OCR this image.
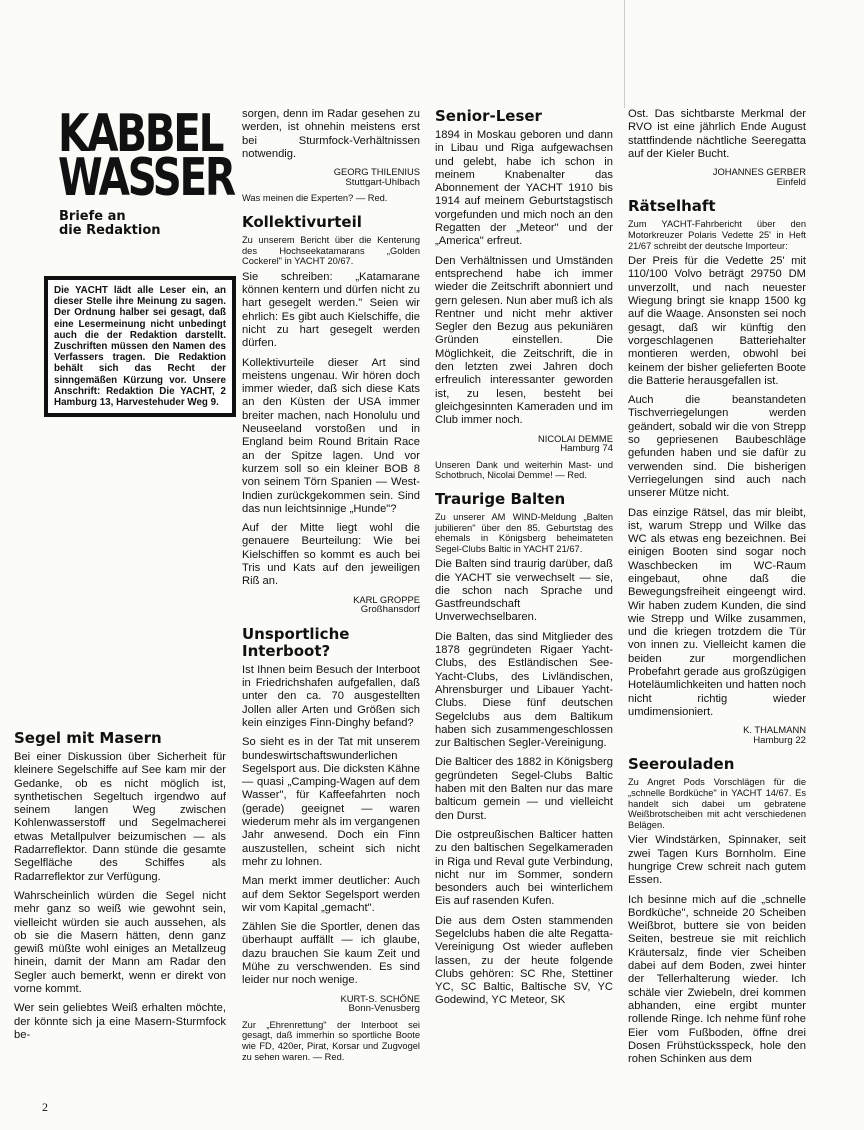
KABBEL
WASSER
Briefe an
die Redaktion
Die YACHT lädt alle Leser ein, an dieser Stelle ihre Meinung zu sagen. Der Ordnung halber sei gesagt, daß eine Lesermeinung nicht unbedingt auch die der Redaktion darstellt. Zuschriften müssen den Namen des Verfassers tragen. Die Redaktion behält sich das Recht der sinngemäßen Kürzung vor. Unsere Anschrift: Redaktion Die YACHT, 2 Hamburg 13, Harvestehuder Weg 9.
Segel mit Masern

Bei einer Diskussion über Sicherheit für kleinere Segelschiffe auf See kam mir der Gedanke, ob es nicht möglich ist, synthetischen Segeltuch irgendwo auf seinem langen Weg zwischen Kohlenwasserstoff und Segelmacherei etwas Metallpulver beizumischen — als Radarreflektor. Dann stünde die gesamte Segelfläche des Schiffes als Radarreflektor zur Verfügung.

Wahrscheinlich würden die Segel nicht mehr ganz so weiß wie gewohnt sein, vielleicht würden sie auch aussehen, als ob sie die Masern hätten, denn ganz gewiß müßte wohl einiges an Metallzeug hinein, damit der Mann am Radar den Segler auch bemerkt, wenn er direkt von vorne kommt.

Wer sein geliebtes Weiß erhalten möchte, der könnte sich ja eine Masern-Sturmfock be-

sorgen, denn im Radar gesehen zu werden, ist ohnehin meistens erst bei Sturmfock-Verhältnissen notwendig.

GEORG THILENIUS
Stuttgart-Uhlbach

Was meinen die Experten? — Red.

Kollektivurteil

Zu unserem Bericht über die Kenterung des Hochseekatamarans „Golden Cockerel" in YACHT 20/67.

Sie schreiben: „Katamarane können kentern und dürfen nicht zu hart gesegelt werden." Seien wir ehrlich: Es gibt auch Kielschiffe, die nicht zu hart gesegelt werden dürfen.

Kollektivurteile dieser Art sind meistens ungenau. Wir hören doch immer wieder, daß sich diese Kats an den Küsten der USA immer breiter machen, nach Honolulu und Neuseeland vorstoßen und in England beim Round Britain Race an der Spitze lagen. Und vor kurzem soll so ein kleiner BOB 8 von seinem Törn Spanien — West-Indien zurückgekommen sein. Sind das nun leichtsinnige „Hunde"?

Auf der Mitte liegt wohl die genauere Beurteilung: Wie bei Kielschiffen so kommt es auch bei Tris und Kats auf den jeweiligen Riß an.

KARL GROPPE
Großhansdorf
Unsportliche Interboot?

Ist Ihnen beim Besuch der Interboot in Friedrichshafen aufgefallen, daß unter den ca. 70 ausgestellten Jollen aller Arten und Größen sich kein einziges Finn-Dinghy befand?

So sieht es in der Tat mit unserem bundeswirtschaftswunderlichen Segelsport aus. Die dicksten Kähne — quasi „Camping-Wagen auf dem Wasser", für Kaffeefahrten noch (gerade) geeignet — waren wiederum mehr als im vergangenen Jahr anwesend. Doch ein Finn auszustellen, scheint sich nicht mehr zu lohnen.

Man merkt immer deutlicher: Auch auf dem Sektor Segelsport werden wir vom Kapital „gemacht".

Zählen Sie die Sportler, denen das überhaupt auffällt — ich glaube, dazu brauchen Sie kaum Zeit und Mühe zu verschwenden. Es sind leider nur noch wenige.

KURT-S. SCHÖNE
Bonn-Venusberg

Zur „Ehrenrettung" der Interboot sei gesagt, daß immerhin so sportliche Boote wie FD, 420er, Pirat, Korsar und Zugvogel zu sehen waren. — Red.

Senior-Leser

1894 in Moskau geboren und dann in Libau und Riga aufgewachsen und gelebt, habe ich schon in meinem Knabenalter das Abonnement der YACHT 1910 bis 1914 auf meinem Geburtstagstisch vorgefunden und mich noch an den Regatten der „Meteor" und der „America" erfreut.

Den Verhältnissen und Umständen entsprechend habe ich immer wieder die Zeitschrift abonniert und gern gelesen. Nun aber muß ich als Rentner und nicht mehr aktiver Segler den Bezug aus pekuniären Gründen einstellen. Die Möglichkeit, die Zeitschrift, die in den letzten zwei Jahren doch erfreulich interessanter geworden ist, zu lesen, besteht bei gleichgesinnten Kameraden und im Club immer noch.

NICOLAI DEMME
Hamburg 74

Unseren Dank und weiterhin Mast- und Schotbruch, Nicolai Demme! — Red.

Traurige Balten

Zu unserer AM WIND-Meldung „Balten jubilieren" über den 85. Geburtstag des ehemals in Königsberg beheimateten Segel-Clubs Baltic in YACHT 21/67.

Die Balten sind traurig darüber, daß die YACHT sie verwechselt — sie, die schon nach Sprache und Gastfreundschaft Unverwechselbaren.

Die Balten, das sind Mitglieder des 1878 gegründeten Rigaer Yacht-Clubs, des Estländischen See-Yacht-Clubs, des Livländischen, Ahrensburger und Libauer Yacht-Clubs. Diese fünf deutschen Segelclubs aus dem Baltikum haben sich zusammengeschlossen zur Baltischen Segler-Vereinigung.

Die Balticer des 1882 in Königsberg gegründeten Segel-Clubs Baltic haben mit den Balten nur das mare balticum gemein — und vielleicht den Durst.

Die ostpreußischen Balticer hatten zu den baltischen Segelkameraden in Riga und Reval gute Verbindung, nicht nur im Sommer, sondern besonders auch bei winterlichem Eis auf rasenden Kufen.

Die aus dem Osten stammenden Segelclubs haben die alte Regatta-Vereinigung Ost wieder aufleben lassen, zu der heute folgende Clubs gehören: SC Rhe, Stettiner YC, SC Baltic, Baltische SV, YC Godewind, YC Meteor, SK

Ost. Das sichtbarste Merkmal der RVO ist eine jährlich Ende August stattfindende nächtliche Seeregatta auf der Kieler Bucht.

JOHANNES GERBER
Einfeld
Rätselhaft

Zum YACHT-Fahrbericht über den Motorkreuzer Polaris Vedette 25' in Heft 21/67 schreibt der deutsche Importeur:

Der Preis für die Vedette 25' mit 110/100 Volvo beträgt 29750 DM unverzollt, und nach neuester Wiegung bringt sie knapp 1500 kg auf die Waage. Ansonsten sei noch gesagt, daß wir künftig den vorgeschlagenen Batteriehalter montieren werden, obwohl bei keinem der bisher gelieferten Boote die Batterie herausgefallen ist.

Auch die beanstandeten Tischverriegelungen werden geändert, sobald wir die von Strepp so gepriesenen Baubeschläge gefunden haben und sie dafür zu verwenden sind. Die bisherigen Verriegelungen sind auch nach unserer Mütze nicht.

Das einzige Rätsel, das mir bleibt, ist, warum Strepp und Wilke das WC als etwas eng bezeichnen. Bei einigen Booten sind sogar noch Waschbecken im WC-Raum eingebaut, ohne daß die Bewegungsfreiheit eingeengt wird. Wir haben zudem Kunden, die sind wie Strepp und Wilke zusammen, und die kriegen trotzdem die Tür von innen zu. Vielleicht kamen die beiden zur morgendlichen Probefahrt gerade aus großzügigen Hoteläumlichkeiten und hatten noch nicht richtig wieder umdimensioniert.

K. THALMANN
Hamburg 22
Seerouladen

Zu Angret Pods Vorschlägen für die „schnelle Bordküche" in YACHT 14/67. Es handelt sich dabei um gebratene Weißbrotscheiben mit acht verschiedenen Belägen.

Vier Windstärken, Spinnaker, seit zwei Tagen Kurs Bornholm. Eine hungrige Crew schreit nach gutem Essen.

Ich besinne mich auf die „schnelle Bordküche", schneide 20 Scheiben Weißbrot, buttere sie von beiden Seiten, bestreue sie mit reichlich Kräutersalz, finde vier Scheiben dabei auf dem Boden, zwei hinter der Tellerhalterung wieder. Ich schäle vier Zwiebeln, drei kommen abhanden, eine ergibt munter rollende Ringe. Ich nehme fünf rohe Eier vom Fußboden, öffne drei Dosen Frühstücksspeck, hole den rohen Schinken aus dem

2
